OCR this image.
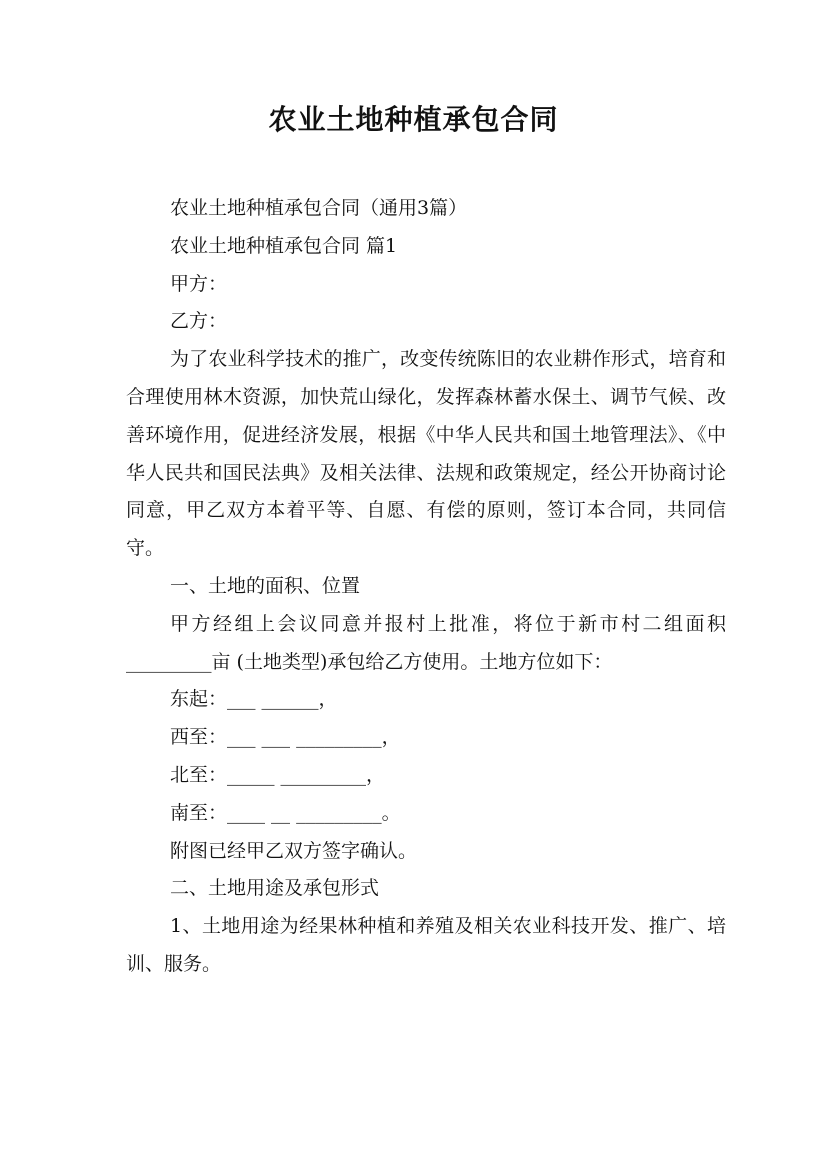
农业土地种植承包合同

农业土地种植承包合同（通用3篇）

农业土地种植承包合同 篇1

甲方：

乙方：

为了农业科学技术的推广，改变传统陈旧的农业耕作形式，培育和合理使用林木资源，加快荒山绿化，发挥森林蓄水保土、调节气候、改善环境作用，促进经济发展，根据《中华人民共和国土地管理法》、《中华人民共和国民法典》及相关法律、法规和政策规定，经公开协商讨论同意，甲乙双方本着平等、自愿、有偿的原则，签订本合同，共同信守。

一、土地的面积、位置

甲方经组上会议同意并报村上批准，将位于新市村二组面积_________亩 (土地类型)承包给乙方使用。土地方位如下：

东起：___ ______，

西至：___ ___ _________，

北至：_____ _________，

南至：____ __ _________。

附图已经甲乙双方签字确认。

二、土地用途及承包形式

1、土地用途为经果林种植和养殖及相关农业科技开发、推广、培训、服务。
